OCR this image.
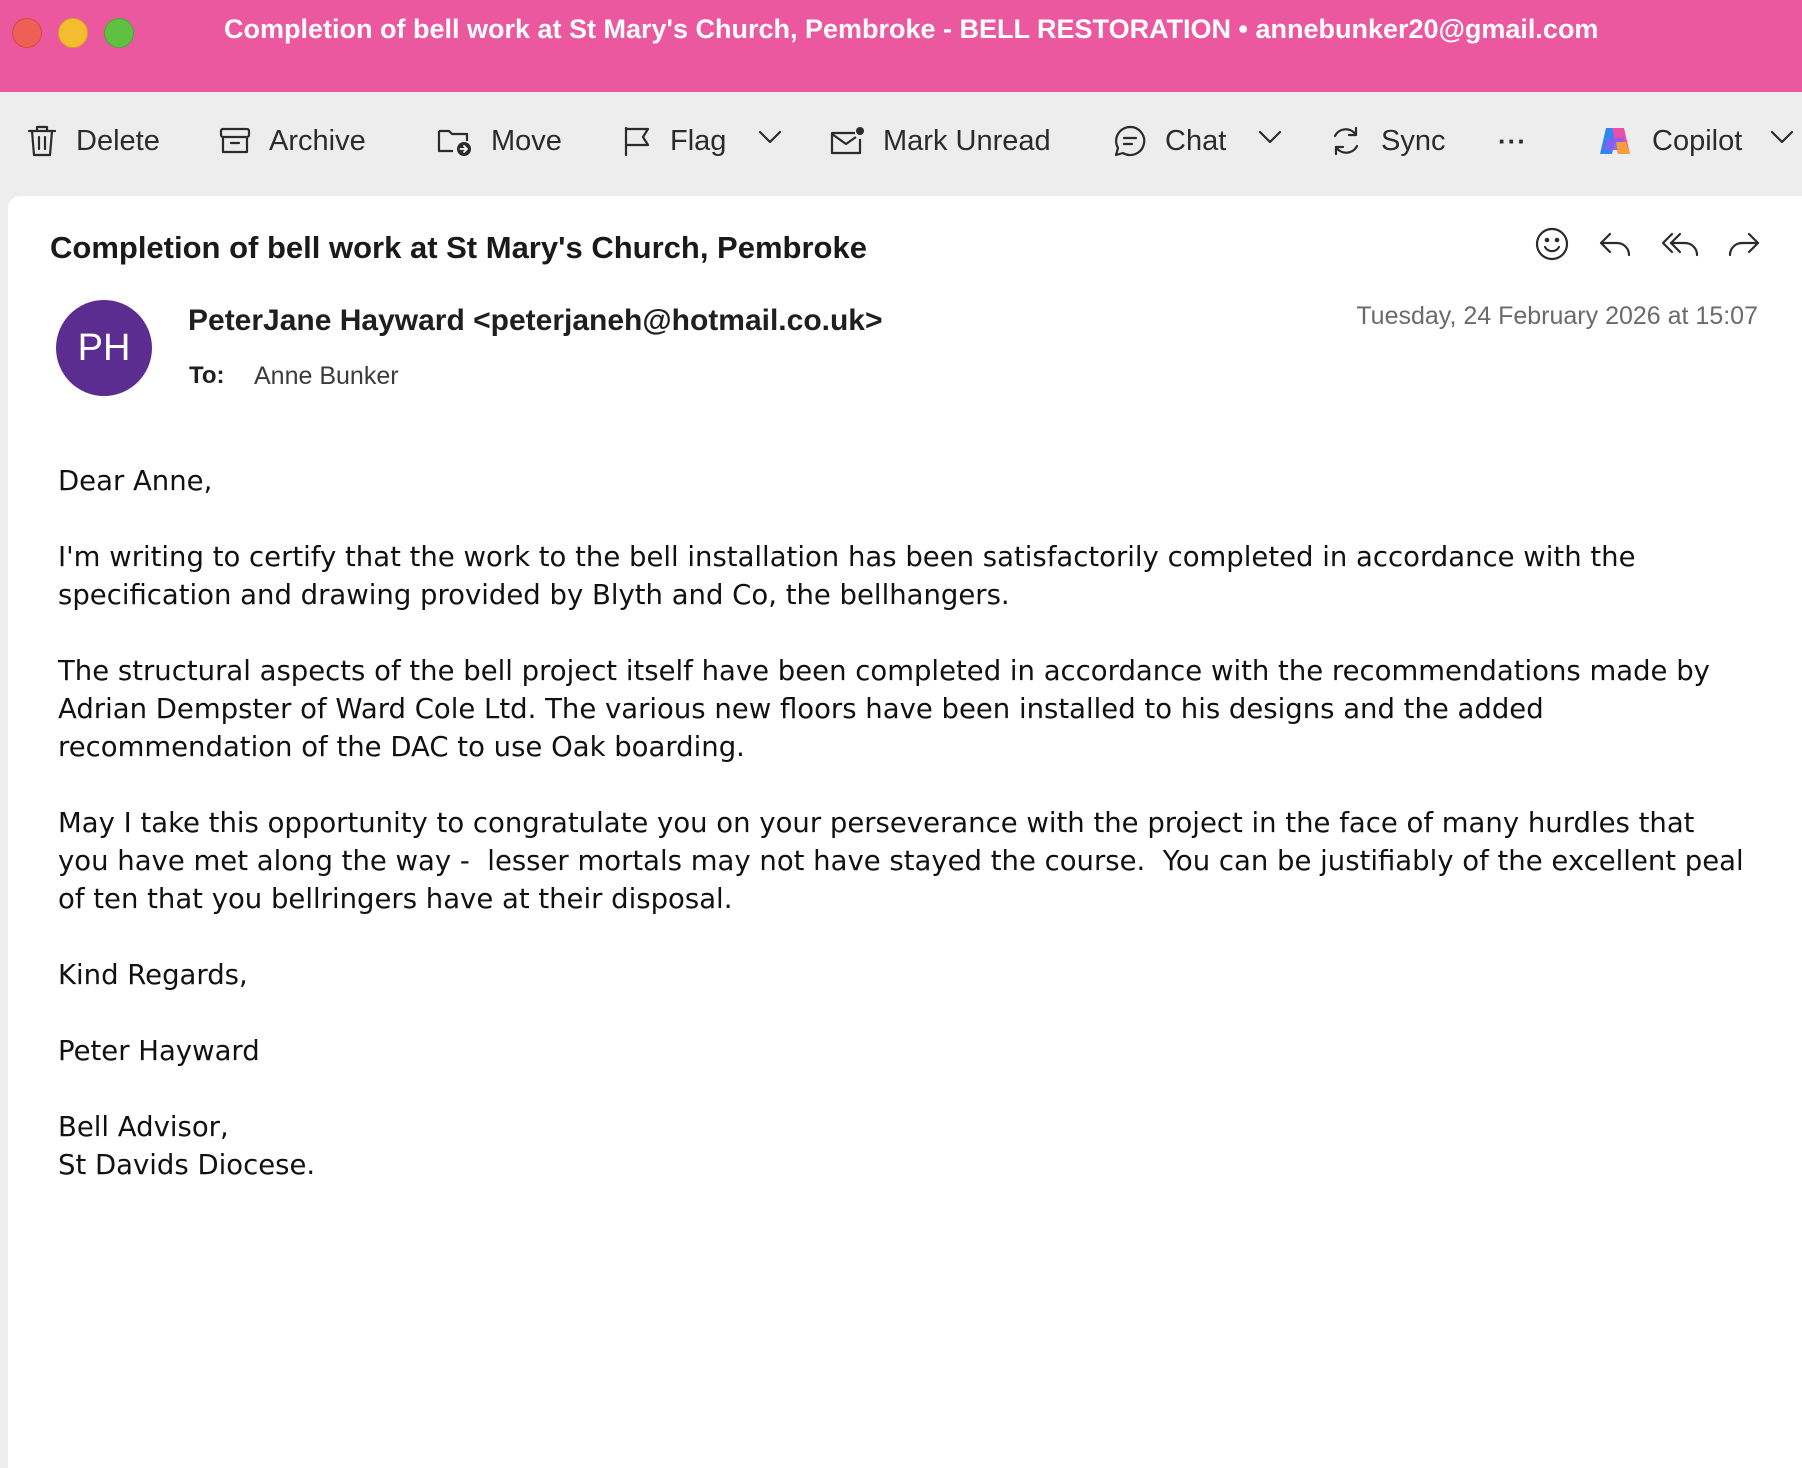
Completion of bell work at St Mary's Church, Pembroke - BELL RESTORATION • annebunker20@gmail.com
Delete	Archive	Move	Flag	Mark Unread	Chat	Sync ···	Copilot
Completion of bell work at St Mary's Church, Pembroke
PH
PeterJane Hayward <peterjaneh@hotmail.co.uk>
To: Anne Bunker
Tuesday, 24 February 2026 at 15:07

Dear Anne,

I'm writing to certify that the work to the bell installation has been satisfactorily completed in accordance with the specification and drawing provided by Blyth and Co, the bellhangers.

The structural aspects of the bell project itself have been completed in accordance with the recommendations made by Adrian Dempster of Ward Cole Ltd. The various new floors have been installed to his designs and the added recommendation of the DAC to use Oak boarding.

May I take this opportunity to congratulate you on your perseverance with the project in the face of many hurdles that you have met along the way -  lesser mortals may not have stayed the course.  You can be justifiably of the excellent peal of ten that you bellringers have at their disposal.

Kind Regards,

Peter Hayward

Bell Advisor,

St Davids Diocese.
